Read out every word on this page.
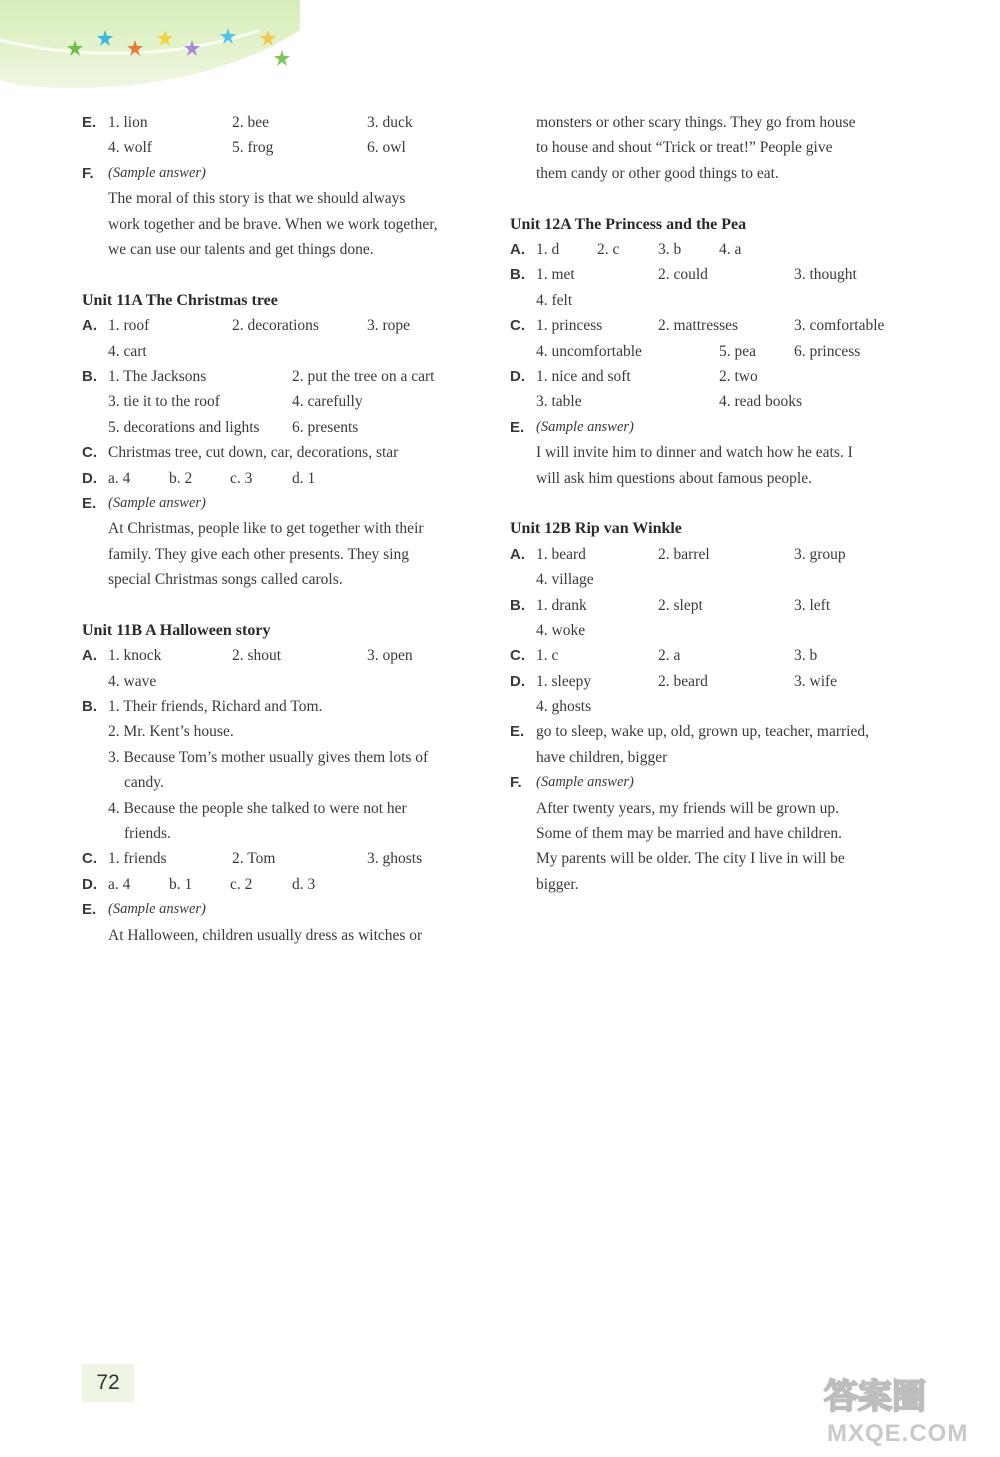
E. 1. lion	2. bee	3. duck
4. wolf	5. frog	6. owl
F. (Sample answer)
The moral of this story is that we should always
work together and be brave. When we work together,
we can use our talents and get things done.
Unit 11A The Christmas tree
A. 1. roof	2. decorations	3. rope
4. cart
B. 1. The Jacksons	2. put the tree on a cart
3. tie it to the roof	4. carefully
5. decorations and lights 6. presents
C. Christmas tree, cut down, car, decorations, star
D. a. 4 b. 2 c. 3	d. 1
E. (Sample answer)
At Christmas, people like to get together with their
family. They give each other presents. They sing
special Christmas songs called carols.
Unit 11B A Halloween story
A. 1. knock	2. shout	3. open
4. wave
B. 1. Their friends, Richard and Tom.
2. Mr. Kent’s house.
3. Because Tom’s mother usually gives them lots of
candy.
4. Because the people she talked to were not her
friends.
C. 1. friends	2. Tom	3. ghosts
D. a. 4 b. 1 c. 2	d. 3
E. (Sample answer)
At Halloween, children usually dress as witches or
monsters or other scary things. They go from house
to house and shout “Trick or treat!” People give
them candy or other good things to eat.
Unit 12A The Princess and the Pea
A. 1. d 2. c 3. b 4. a
B. 1. met	2. could	3. thought
4. felt
C. 1. princess	2. mattresses	3. comfortable
4. uncomfortable	5. pea 6. princess
D. 1. nice and soft	2. two
3. table	4. read books
E. (Sample answer)
I will invite him to dinner and watch how he eats. I
will ask him questions about famous people.
Unit 12B Rip van Winkle
A. 1. beard	2. barrel	3. group
4. village
B. 1. drank	2. slept	3. left
4. woke
C. 1. c	2. a	3. b
D. 1. sleepy	2. beard	3. wife
4. ghosts
E. go to sleep, wake up, old, grown up, teacher, married,
have children, bigger
F. (Sample answer)
After twenty years, my friends will be grown up.
Some of them may be married and have children.
My parents will be older. The city I live in will be
bigger.
72	答案圈
MXQE.COM
